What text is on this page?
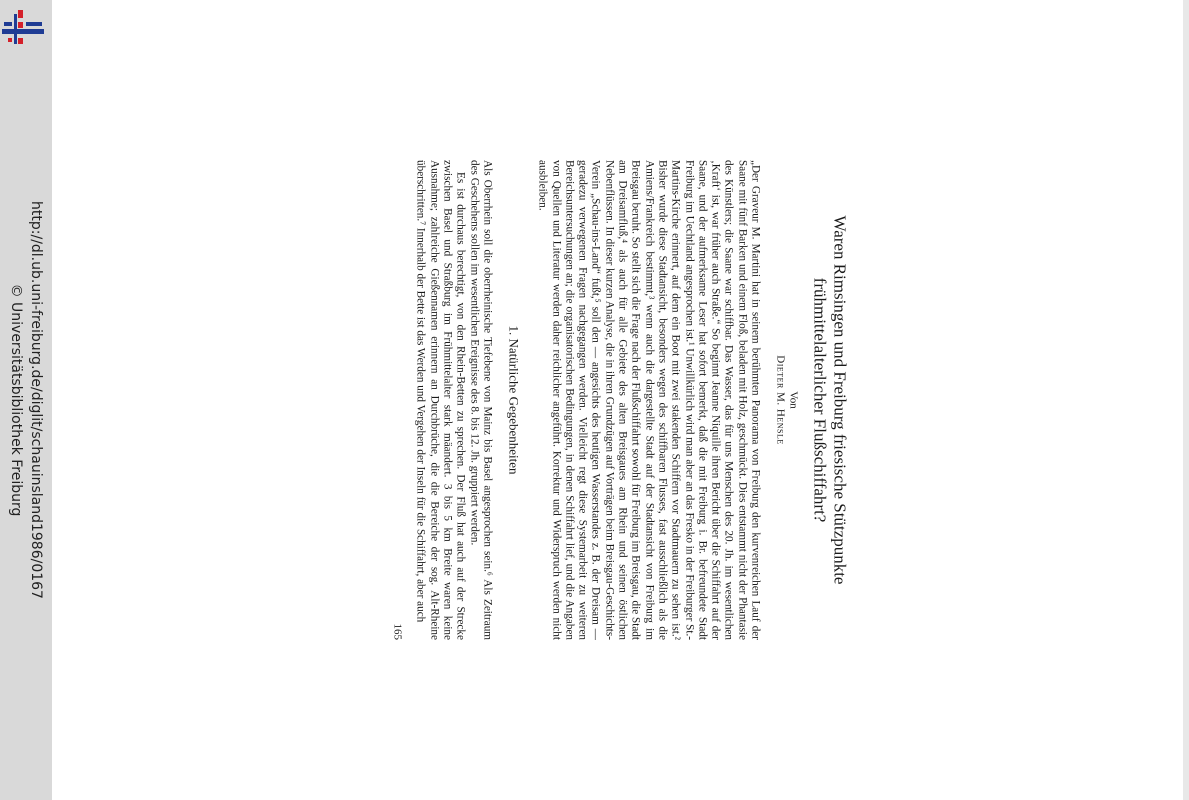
http://dl.ub.uni-freiburg.de/diglit/schauinsland1986/0167
© Universitätsbibliothek Freiburg	Waren Rimsingen und Freiburg friesische Stützpunkte frühmittelalterlicher Flußschiffahrt?
Von
Dieter M. Hensle

„Der Graveur M. Martini hat in seinem berühmten Panorama von Freiburg den kurvenreichen Lauf der Saane mit fünf Barken und einem Floß, beladen mit Holz, geschmückt. Dies entstammt nicht der Phantasie des Künstlers; die Saane war schiffbar. Das Wasser, das für uns Menschen des 20. Jh. im wesentlichen ‚Kraft‘ ist, war früher auch Straße.“ So beginnt Jeanne Niquille ihren Bericht über die Schiffahrt auf der Saane, und der aufmerksame Leser hat sofort bemerkt, daß die mit Freiburg i. Br. befreundete Stadt Freiburg im Uechtland angesprochen ist.¹ Unwillkürlich wird man aber an das Fresko in der Freiburger St.-Martins-Kirche erinnert, auf dem ein Boot mit zwei stakenden Schiffern vor Stadtmauern zu sehen ist.² Bisher wurde diese Stadtansicht, besonders wegen des schiffbaren Flusses, fast ausschließlich als die Amiens/Frankreich bestimmt,³ wenn auch die dargestellte Stadt auf der Stadtansicht von Freiburg im Breisgau beruht. So stellt sich die Frage nach der Flußschiffahrt sowohl für Freiburg im Breisgau, die Stadt am Dreisamfluß,⁴ als auch für alle Gebiete des alten Breisgaues am Rhein und seinen östlichen Nebenflüssen. In dieser kurzen Analyse, die in ihren Grundzügen auf Vorträgen beim Breisgau-Geschichts-Verein „Schau-ins-Land“ fußt,⁵ soll den — angesichts des heutigen Wasserstandes z. B. der Dreisam — geradezu verwegenen Fragen nachgegangen werden. Vielleicht regt diese Systemarbeit zu weiteren Bereichsuntersuchungen an; die organisatorischen Bedingungen, in denen Schiffahrt lief, und die Angaben von Quellen und Literatur werden daher reichlicher angeführt. Korrektur und Widerspruch werden nicht ausbleiben.

1. Natürliche Gegebenheiten

Als Oberrhein soll die oberrheinische Tiefebene von Mainz bis Basel angesprochen sein.⁶ Als Zeitraum des Geschehens sollen im wesentlichen Ereignisse des 8. bis 12. Jh. gruppiert werden.

Es ist durchaus berechtigt, von den Rhein-Betten zu sprechen. Der Fluß hat auch auf der Strecke zwischen Basel und Straßburg im Frühmittelalter stark mäandert. 3 bis 5 km Breite waren keine Ausnahme; zahlreiche Gießennamen erinnern an Durchbrüche, die die Bereiche der sog. Alt-Rheine überschritten.⁷ Innerhalb der Bette ist das Werden und Vergehen der Inseln für die Schiffahrt, aber auch

165
